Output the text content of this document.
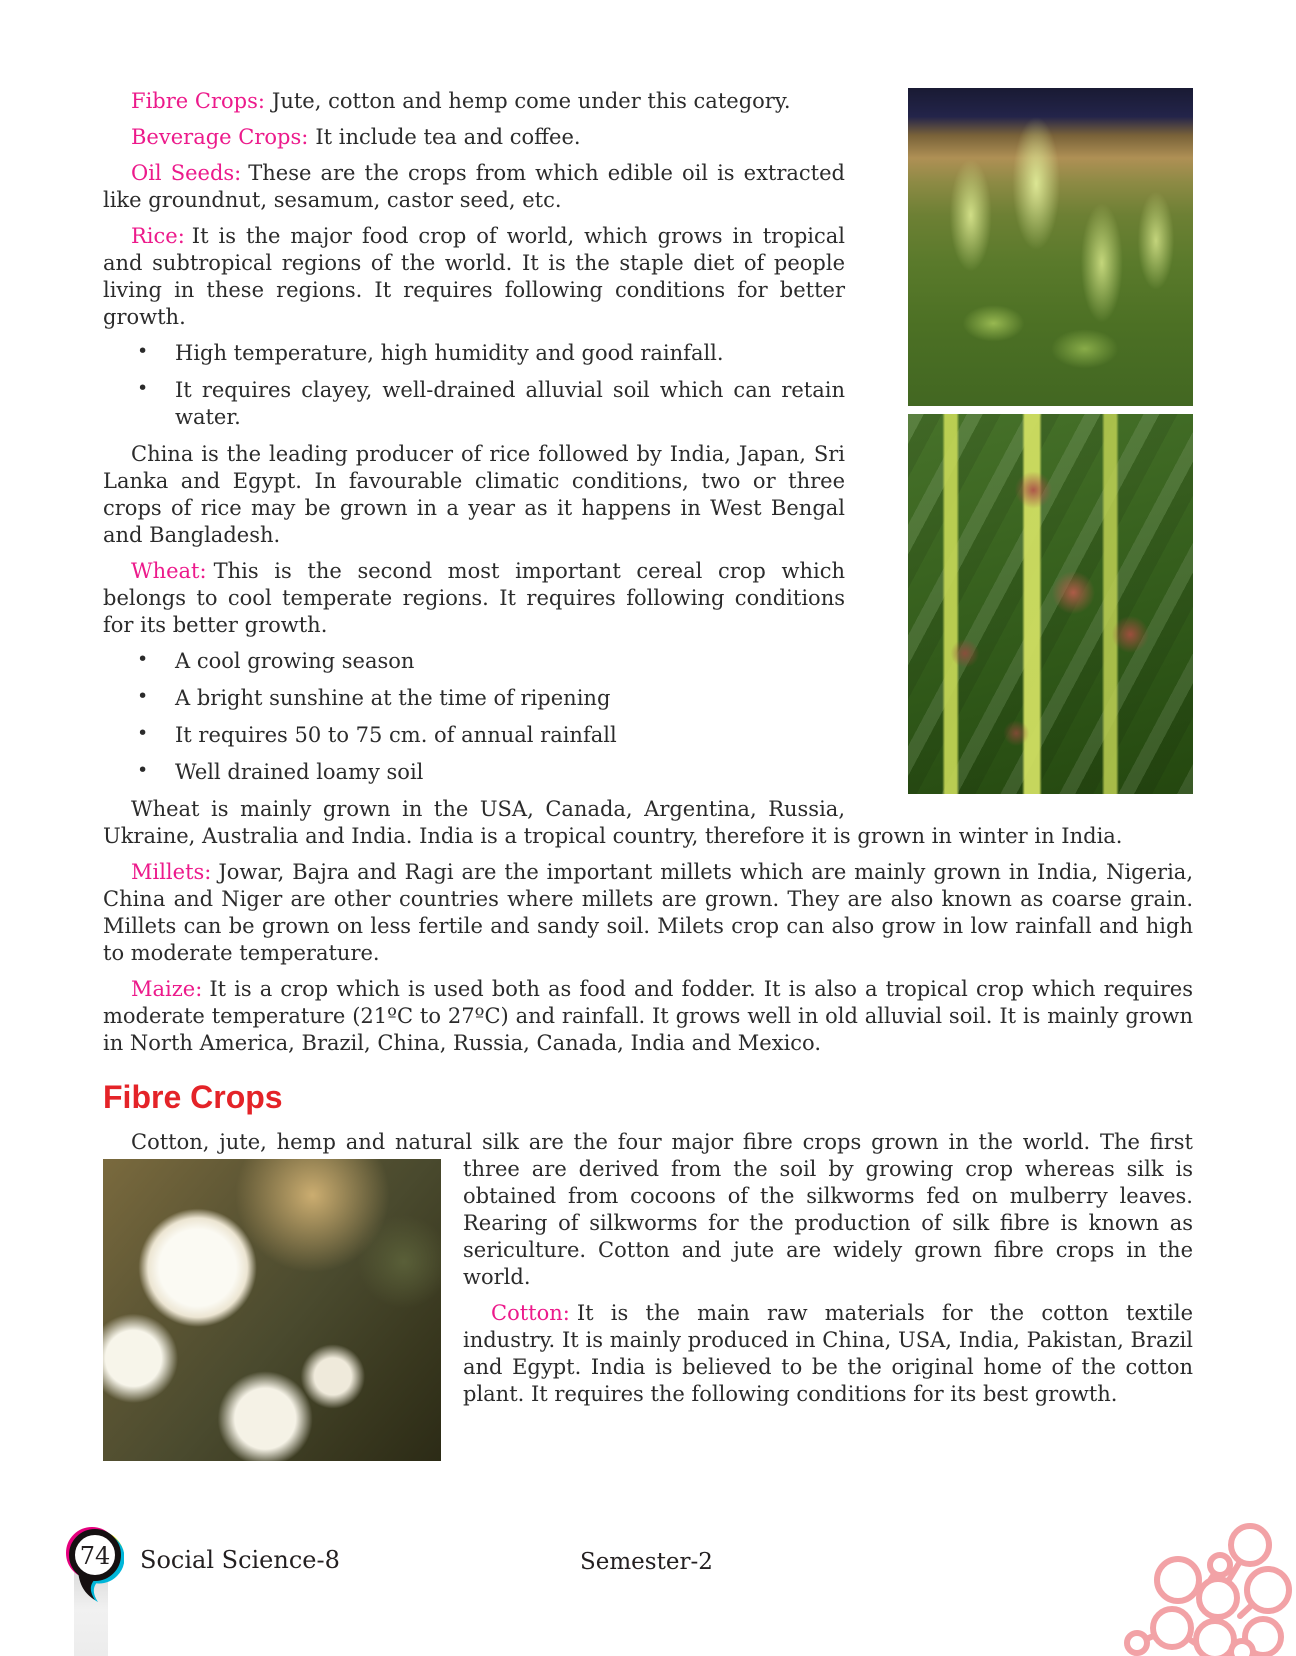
Fibre Crops: Jute, cotton and hemp come under this category.

Beverage Crops: It include tea and coffee.

Oil Seeds: These are the crops from which edible oil is extracted like groundnut, sesamum, castor seed, etc.

Rice: It is the major food crop of world, which grows in tropical and subtropical regions of the world. It is the staple diet of people living in these regions. It requires following conditions for better growth.

• High temperature, high humidity and good rainfall.
• It requires clayey, well-drained alluvial soil which can retain water.

China is the leading producer of rice followed by India, Japan, Sri Lanka and Egypt. In favourable climatic conditions, two or three crops of rice may be grown in a year as it happens in West Bengal and Bangladesh.

Wheat: This is the second most important cereal crop which belongs to cool temperate regions. It requires following conditions for its better growth.

• A cool growing season
• A bright sunshine at the time of ripening
• It requires 50 to 75 cm. of annual rainfall
• Well drained loamy soil

Wheat is mainly grown in the USA, Canada, Argentina, Russia,

Ukraine, Australia and India. India is a tropical country, therefore it is grown in winter in India.

Millets: Jowar, Bajra and Ragi are the important millets which are mainly grown in India, Nigeria, China and Niger are other countries where millets are grown. They are also known as coarse grain. Millets can be grown on less fertile and sandy soil. Milets crop can also grow in low rainfall and high to moderate temperature.

Maize: It is a crop which is used both as food and fodder. It is also a tropical crop which requires moderate temperature (21ºC to 27ºC) and rainfall. It grows well in old alluvial soil. It is mainly grown in North America, Brazil, China, Russia, Canada, India and Mexico.

Fibre Crops

Cotton, jute, hemp and natural silk are the four major fibre crops grown in the world. The first

three are derived from the soil by growing crop whereas silk is obtained from cocoons of the silkworms fed on mulberry leaves. Rearing of silkworms for the production of silk fibre is known as sericulture. Cotton and jute are widely grown fibre crops in the world.

Cotton: It is the main raw materials for the cotton textile industry. It is mainly produced in China, USA, India, Pakistan, Brazil and Egypt. India is believed to be the original home of the cotton plant. It requires the following conditions for its best growth.

74 Social Science-8	Semester-2
